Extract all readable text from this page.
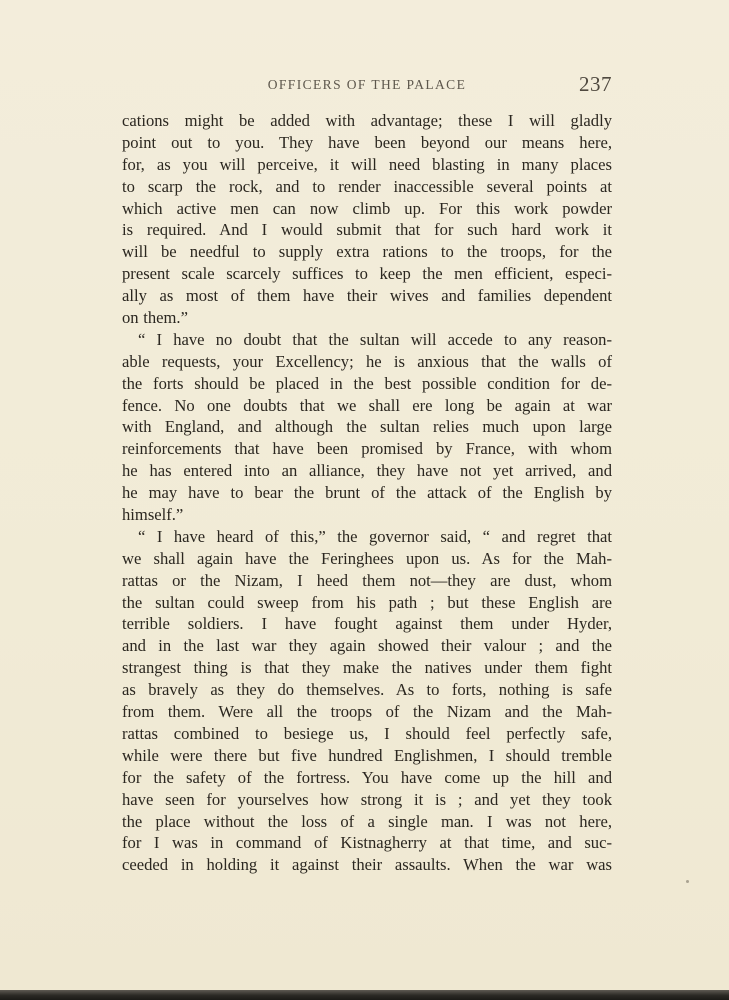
OFFICERS OF THE PALACE	237
cations might be added with advantage; these I will gladly
point out to you. They have been beyond our means here,
for, as you will perceive, it will need blasting in many places
to scarp the rock, and to render inaccessible several points at
which active men can now climb up. For this work powder
is required. And I would submit that for such hard work it
will be needful to supply extra rations to the troops, for the
present scale scarcely suffices to keep the men efficient, especi-
ally as most of them have their wives and families dependent
on them.”
“ I have no doubt that the sultan will accede to any reason-
able requests, your Excellency; he is anxious that the walls of
the forts should be placed in the best possible condition for de-
fence. No one doubts that we shall ere long be again at war
with England, and although the sultan relies much upon large
reinforcements that have been promised by France, with whom
he has entered into an alliance, they have not yet arrived, and
he may have to bear the brunt of the attack of the English by
himself.”
“ I have heard of this,” the governor said, “ and regret that
we shall again have the Feringhees upon us. As for the Mah-
rattas or the Nizam, I heed them not—they are dust, whom
the sultan could sweep from his path ; but these English are
terrible soldiers. I have fought against them under Hyder,
and in the last war they again showed their valour ; and the
strangest thing is that they make the natives under them fight
as bravely as they do themselves. As to forts, nothing is safe
from them. Were all the troops of the Nizam and the Mah-
rattas combined to besiege us, I should feel perfectly safe,
while were there but five hundred Englishmen, I should tremble
for the safety of the fortress. You have come up the hill and
have seen for yourselves how strong it is ; and yet they took
the place without the loss of a single man. I was not here,
for I was in command of Kistnagherry at that time, and suc-
ceeded in holding it against their assaults. When the war was
